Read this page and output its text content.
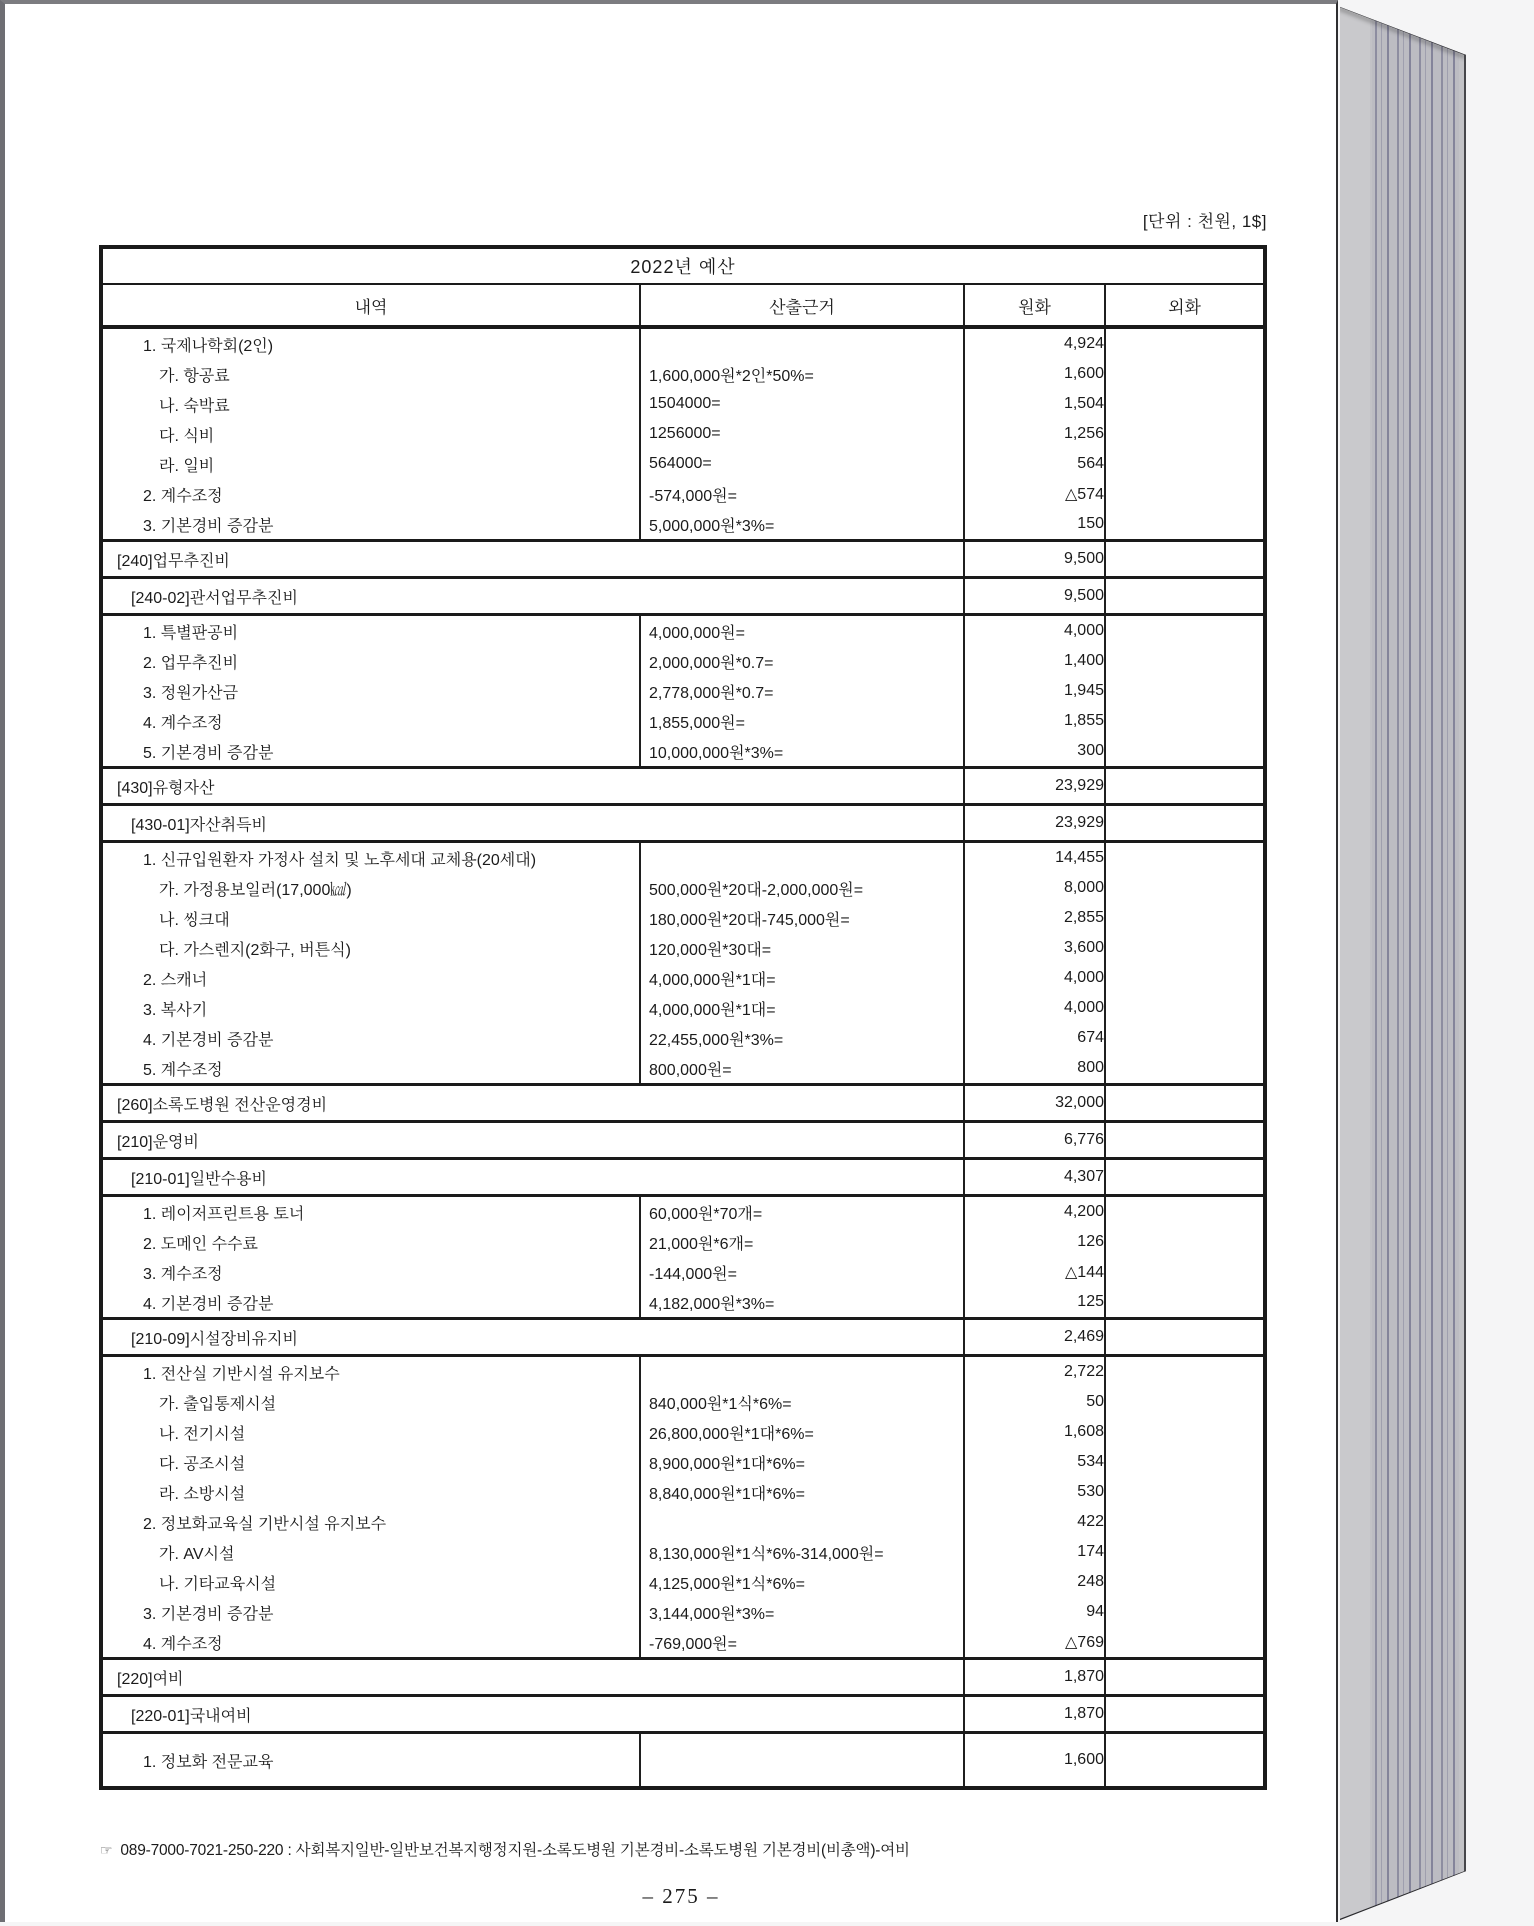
[단위 : 천원, 1$]
2022년 예산			
내역	산출근거	원화	외화
1. 국제나학회(2인)		4,924	
가. 항공료	1,600,000원*2인*50%=	1,600	
나. 숙박료	1504000=	1,504	
다. 식비	1256000=	1,256	
라. 일비	564000=	564	
2. 계수조정	-574,000원=	△574	
3. 기본경비 증감분	5,000,000원*3%=	150	
[240]업무추진비		9,500	
[240-02]관서업무추진비		9,500	
1. 특별판공비	4,000,000원=	4,000	
2. 업무추진비	2,000,000원*0.7=	1,400	
3. 정원가산금	2,778,000원*0.7=	1,945	
4. 계수조정	1,855,000원=	1,855	
5. 기본경비 증감분	10,000,000원*3%=	300	
[430]유형자산		23,929	
[430-01]자산취득비		23,929	
1. 신규입원환자 가정사 설치 및 노후세대 교체용(20세대)		14,455	
가. 가정용보일러(17,000㎉)	500,000원*20대-2,000,000원=	8,000	
나. 씽크대	180,000원*20대-745,000원=	2,855	
다. 가스렌지(2화구, 버튼식)	120,000원*30대=	3,600	
2. 스캐너	4,000,000원*1대=	4,000	
3. 복사기	4,000,000원*1대=	4,000	
4. 기본경비 증감분	22,455,000원*3%=	674	
5. 계수조정	800,000원=	800	
[260]소록도병원 전산운영경비		32,000	
[210]운영비		6,776	
[210-01]일반수용비		4,307	
1. 레이저프린트용 토너	60,000원*70개=	4,200	
2. 도메인 수수료	21,000원*6개=	126	
3. 계수조정	-144,000원=	△144	
4. 기본경비 증감분	4,182,000원*3%=	125	
[210-09]시설장비유지비		2,469	
1. 전산실 기반시설 유지보수		2,722	
가. 출입통제시설	840,000원*1식*6%=	50	
나. 전기시설	26,800,000원*1대*6%=	1,608	
다. 공조시설	8,900,000원*1대*6%=	534	
라. 소방시설	8,840,000원*1대*6%=	530	
2. 정보화교육실 기반시설 유지보수		422	
가. AV시설	8,130,000원*1식*6%-314,000원=	174	
나. 기타교육시설	4,125,000원*1식*6%=	248	
3. 기본경비 증감분	3,144,000원*3%=	94	
4. 계수조정	-769,000원=	△769	
[220]여비		1,870	
[220-01]국내여비		1,870	
1. 정보화 전문교육		1,600	
☞ 089-7000-7021-250-220 : 사회복지일반-일반보건복지행정지원-소록도병원 기본경비-소록도병원 기본경비(비총액)-여비
– 275 –
